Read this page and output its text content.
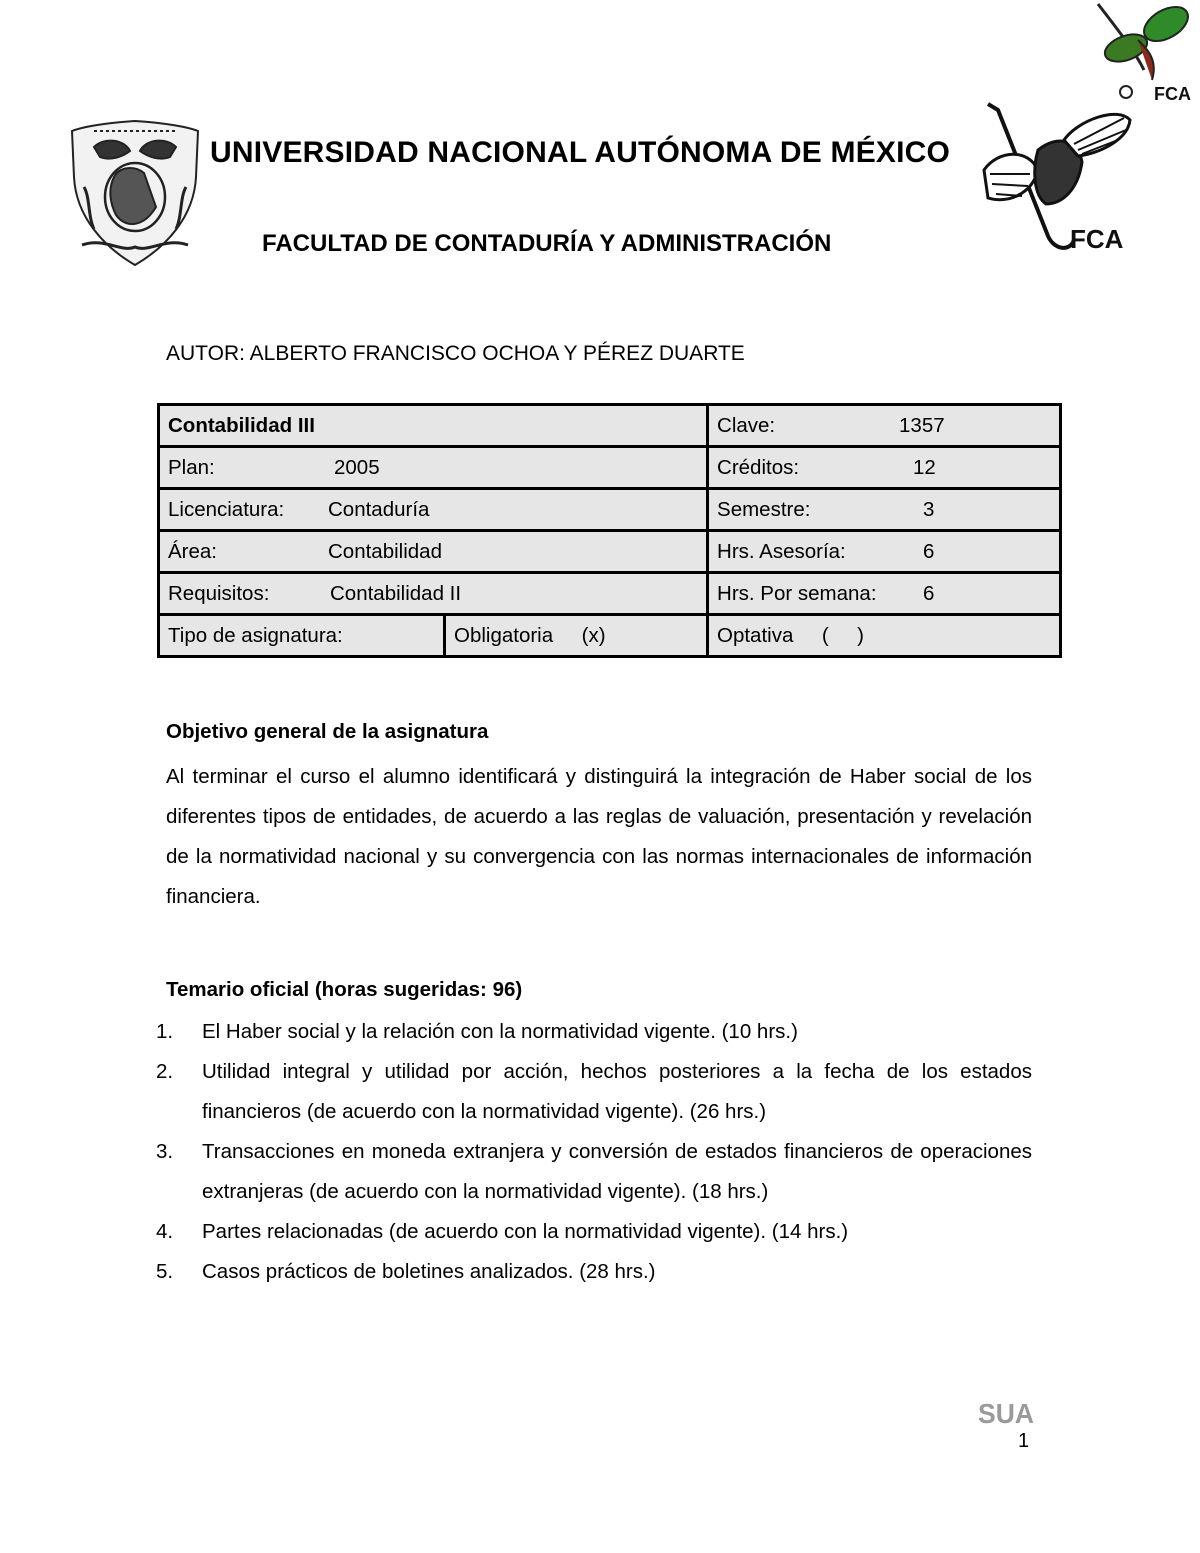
FCA
FCA
UNIVERSIDAD NACIONAL AUTÓNOMA DE MÉXICO
FACULTAD DE CONTADURÍA Y ADMINISTRACIÓN
AUTOR: ALBERTO FRANCISCO OCHOA Y PÉREZ DUARTE
Contabilidad III		Clave: 1357

Plan: 2005		Créditos: 12

Licenciatura: Contaduría		Semestre: 3

Área: Contabilidad		Hrs. Asesoría: 6

Requisitos: Contabilidad II		Hrs. Por semana: 6

Tipo de asignatura:	Obligatoria     (x)	Optativa     (     )
Objetivo general de la asignatura
Al terminar el curso el alumno identificará y distinguirá la integración de Haber social de los diferentes tipos de entidades, de acuerdo a las reglas de valuación, presentación y revelación de la normatividad nacional y su convergencia con las normas internacionales de información financiera.
Temario oficial (horas sugeridas: 96)
1. El Haber social y la relación con la normatividad vigente. (10 hrs.)
2. Utilidad integral y utilidad por acción, hechos posteriores a la fecha de los estados financieros (de acuerdo con la normatividad vigente). (26 hrs.)
3. Transacciones en moneda extranjera y conversión de estados financieros de operaciones extranjeras (de acuerdo con la normatividad vigente). (18 hrs.)
4. Partes relacionadas (de acuerdo con la normatividad vigente). (14 hrs.)
5. Casos prácticos de boletines analizados. (28 hrs.)
SUA
1
